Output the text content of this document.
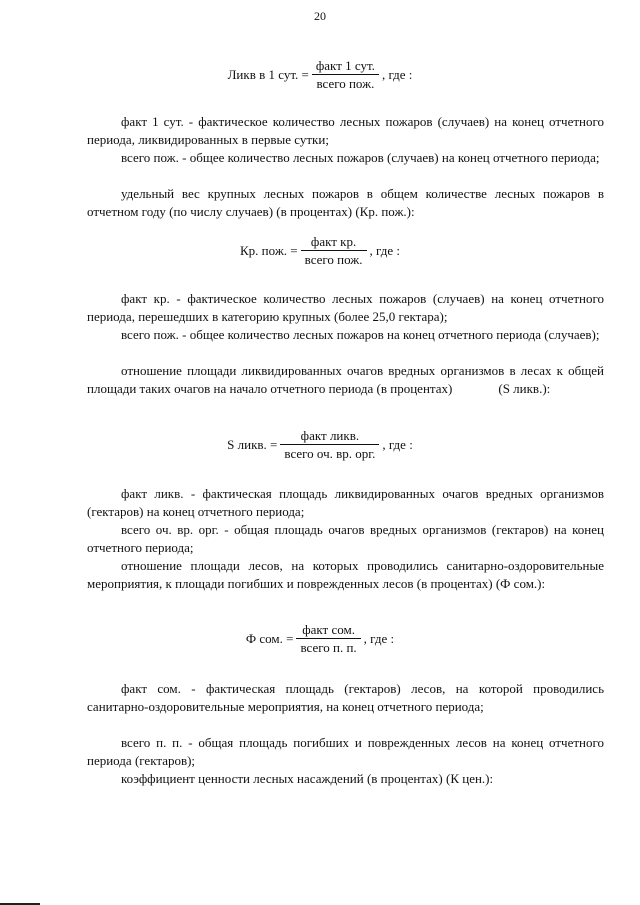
20
Ликв в 1 сут. = $\frac{\text{факт 1 сут.}}{\text{всего пож.}}$ , где :
факт 1 сут. - фактическое количество лесных пожаров (случаев) на конец отчетного периода, ликвидированных в первые сутки;
всего пож. - общее количество лесных пожаров (случаев) на конец отчетного периода;
удельный вес крупных лесных пожаров в общем количестве лесных пожаров в отчетном году (по числу случаев) (в процентах) (Кр. пож.):
Кр. пож. = $\frac{\text{факт кр.}}{\text{всего пож.}}$ , где :
факт кр. - фактическое количество лесных пожаров (случаев) на конец отчетного периода, перешедших в категорию крупных (более 25,0 гектара);
всего пож. - общее количество лесных пожаров на конец отчетного периода (случаев);
отношение площади ликвидированных очагов вредных организмов в лесах к общей площади таких очагов на начало отчетного периода (в процентах)	(S ликв.):
S ликв. = $\frac{\text{факт ликв.}}{\text{всего оч. вр. орг.}}$ , где :
факт ликв. - фактическая площадь ликвидированных очагов вредных организмов (гектаров) на конец отчетного периода;
всего оч. вр. орг. - общая площадь очагов вредных организмов (гектаров) на конец отчетного периода;
отношение площади лесов, на которых проводились санитарно-оздоровительные мероприятия, к площади погибших и поврежденных лесов (в процентах) (Ф сом.):
Ф сом. = $\frac{\text{факт сом.}}{\text{всего п. п.}}$ , где :
факт сом. - фактическая площадь (гектаров) лесов, на которой проводились санитарно-оздоровительные мероприятия, на конец отчетного периода;
всего п. п. - общая площадь погибших и поврежденных лесов на конец отчетного периода (гектаров);
коэффициент ценности лесных насаждений (в процентах) (К цен.):
